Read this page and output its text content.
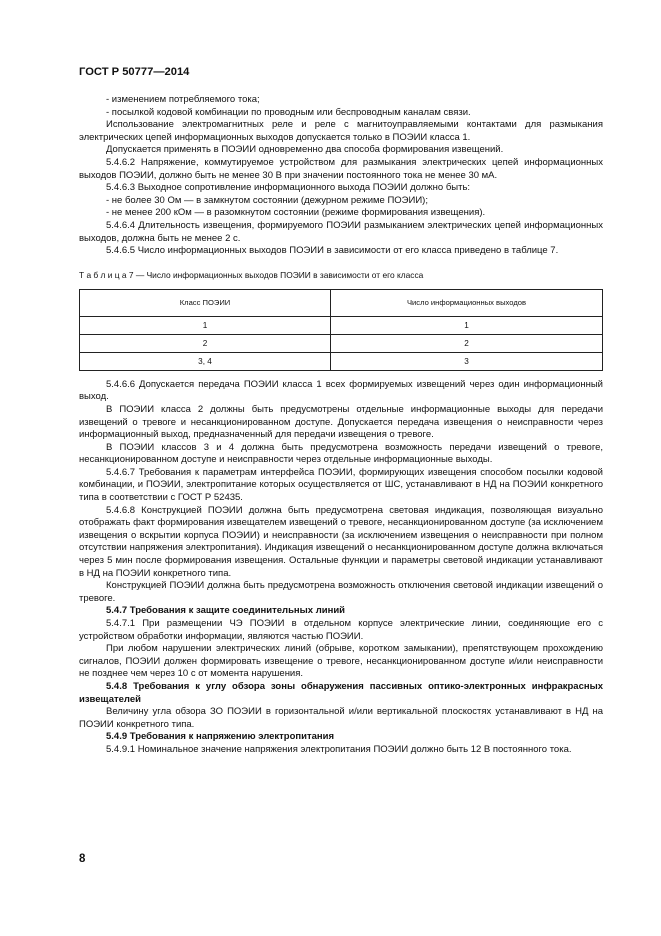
ГОСТ Р 50777—2014

- изменением потребляемого тока;

- посылкой кодовой комбинации по проводным или беспроводным каналам связи.

Использование электромагнитных реле и реле с магнитоуправляемыми контактами для размыкания электрических цепей информационных выходов допускается только в ПОЭИИ класса 1.

Допускается применять в ПОЭИИ одновременно два способа формирования извещений.

5.4.6.2 Напряжение, коммутируемое устройством для размыкания электрических цепей информационных выходов ПОЭИИ, должно быть не менее 30 В при значении постоянного тока не менее 30 мА.

5.4.6.3 Выходное сопротивление информационного выхода ПОЭИИ должно быть:

- не более 30 Ом — в замкнутом состоянии (дежурном режиме ПОЭИИ);

- не менее 200 кОм — в разомкнутом состоянии (режиме формирования извещения).

5.4.6.4 Длительность извещения, формируемого ПОЭИИ размыканием электрических цепей информационных выходов, должна быть не менее 2 с.

5.4.6.5 Число информационных выходов ПОЭИИ в зависимости от его класса приведено в таблице 7.

Т а б л и ц а 7 — Число информационных выходов ПОЭИИ в зависимости от его класса
Класс ПОЭИИ	Число информационных выходов
1	1
2	2
3, 4	3

5.4.6.6 Допускается передача ПОЭИИ класса 1 всех формируемых извещений через один информационный выход.

В ПОЭИИ класса 2 должны быть предусмотрены отдельные информационные выходы для передачи извещений о тревоге и несанкционированном доступе. Допускается передача извещения о неисправности через информационный выход, предназначенный для передачи извещения о тревоге.

В ПОЭИИ классов 3 и 4 должна быть предусмотрена возможность передачи извещений о тревоге, несанкционированном доступе и неисправности через отдельные информационные выходы.

5.4.6.7 Требования к параметрам интерфейса ПОЭИИ, формирующих извещения способом посылки кодовой комбинации, и ПОЭИИ, электропитание которых осуществляется от ШС, устанавливают в НД на ПОЭИИ конкретного типа в соответствии с ГОСТ Р 52435.

5.4.6.8 Конструкцией ПОЭИИ должна быть предусмотрена световая индикация, позволяющая визуально отображать факт формирования извещателем извещений о тревоге, несанкционированном доступе (за исключением извещения о вскрытии корпуса ПОЭИИ) и неисправности (за исключением извещения о неисправности при полном отсутствии напряжения электропитания). Индикация извещений о несанкционированном доступе должна включаться через 5 мин после формирования извещения. Остальные функции и параметры световой индикации устанавливают в НД на ПОЭИИ конкретного типа.

Конструкцией ПОЭИИ должна быть предусмотрена возможность отключения световой индикации извещений о тревоге.

5.4.7 Требования к защите соединительных линий

5.4.7.1 При размещении ЧЭ ПОЭИИ в отдельном корпусе электрические линии, соединяющие его с устройством обработки информации, являются частью ПОЭИИ.

При любом нарушении электрических линий (обрыве, коротком замыкании), препятствующем прохождению сигналов, ПОЭИИ должен формировать извещение о тревоге, несанкционированном доступе и/или неисправности не позднее чем через 10 с от момента нарушения.

5.4.8 Требования к углу обзора зоны обнаружения пассивных оптико-электронных инфракрасных извещателей

Величину угла обзора ЗО ПОЭИИ в горизонтальной и/или вертикальной плоскостях устанавливают в НД на ПОЭИИ конкретного типа.

5.4.9 Требования к напряжению электропитания

5.4.9.1 Номинальное значение напряжения электропитания ПОЭИИ должно быть 12 В постоянного тока.

8
